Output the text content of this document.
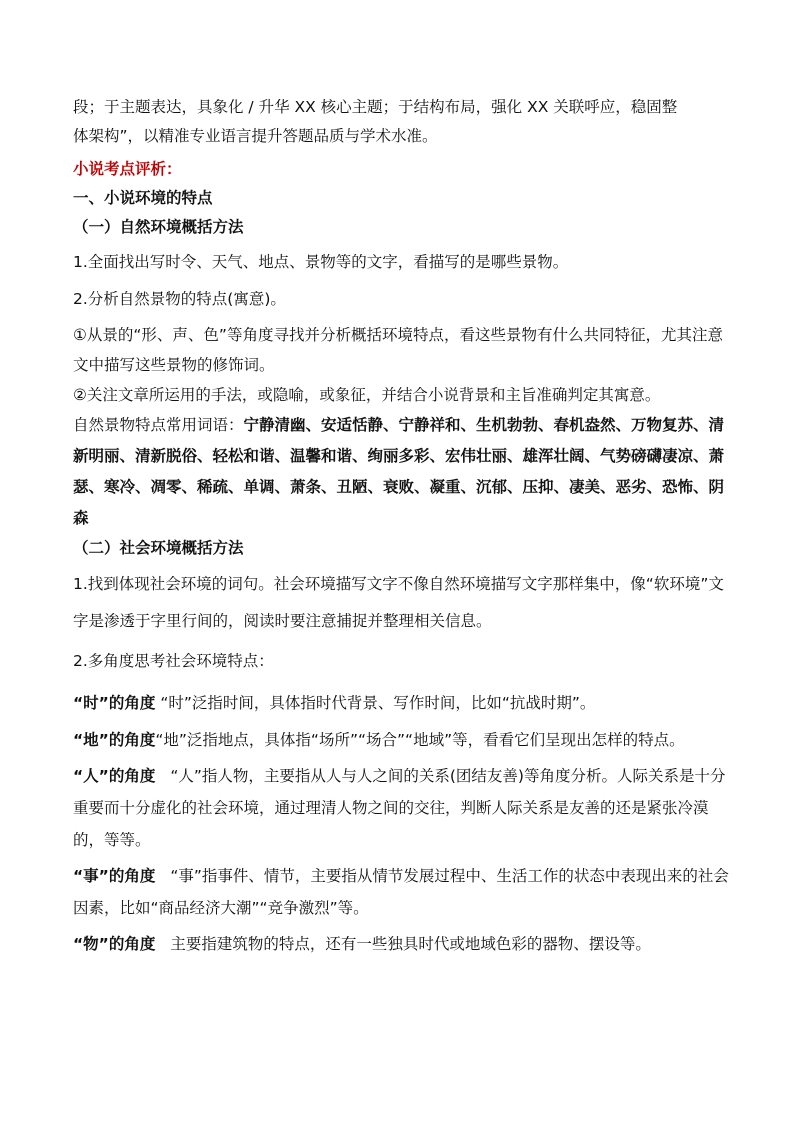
段；于主题表达，具象化 / 升华 XX 核心主题；于结构布局，强化 XX 关联呼应，稳固整

体架构”，以精准专业语言提升答题品质与学术水准。

小说考点评析：

一、小说环境的特点

（一）自然环境概括方法

1.全面找出写时令、天气、地点、景物等的文字，看描写的是哪些景物。

2.分析自然景物的特点(寓意)。

①从景的“形、声、色”等角度寻找并分析概括环境特点，看这些景物有什么共同特征，尤其注意文中描写这些景物的修饰词。

②关注文章所运用的手法，或隐喻，或象征，并结合小说背景和主旨准确判定其寓意。

自然景物特点常用词语：宁静清幽、安适恬静、宁静祥和、生机勃勃、春机盎然、万物复苏、清新明丽、清新脱俗、轻松和谐、温馨和谐、绚丽多彩、宏伟壮丽、雄浑壮阔、气势磅礴凄凉、萧瑟、寒冷、凋零、稀疏、单调、萧条、丑陋、衰败、凝重、沉郁、压抑、凄美、恶劣、恐怖、阴森

（二）社会环境概括方法

1.找到体现社会环境的词句。社会环境描写文字不像自然环境描写文字那样集中，像“软环境”文字是渗透于字里行间的，阅读时要注意捕捉并整理相关信息。

2.多角度思考社会环境特点：

“时”的角度 “时”泛指时间，具体指时代背景、写作时间，比如“抗战时期”。

“地”的角度“地”泛指地点，具体指“场所”“场合”“地域”等，看看它们呈现出怎样的特点。

“人”的角度 “人”指人物，主要指从人与人之间的关系(团结友善)等角度分析。人际关系是十分重要而十分虚化的社会环境，通过理清人物之间的交往，判断人际关系是友善的还是紧张冷漠的，等等。

“事”的角度 “事”指事件、情节，主要指从情节发展过程中、生活工作的状态中表现出来的社会因素，比如“商品经济大潮”“竞争激烈”等。

“物”的角度 主要指建筑物的特点，还有一些独具时代或地域色彩的器物、摆设等。
